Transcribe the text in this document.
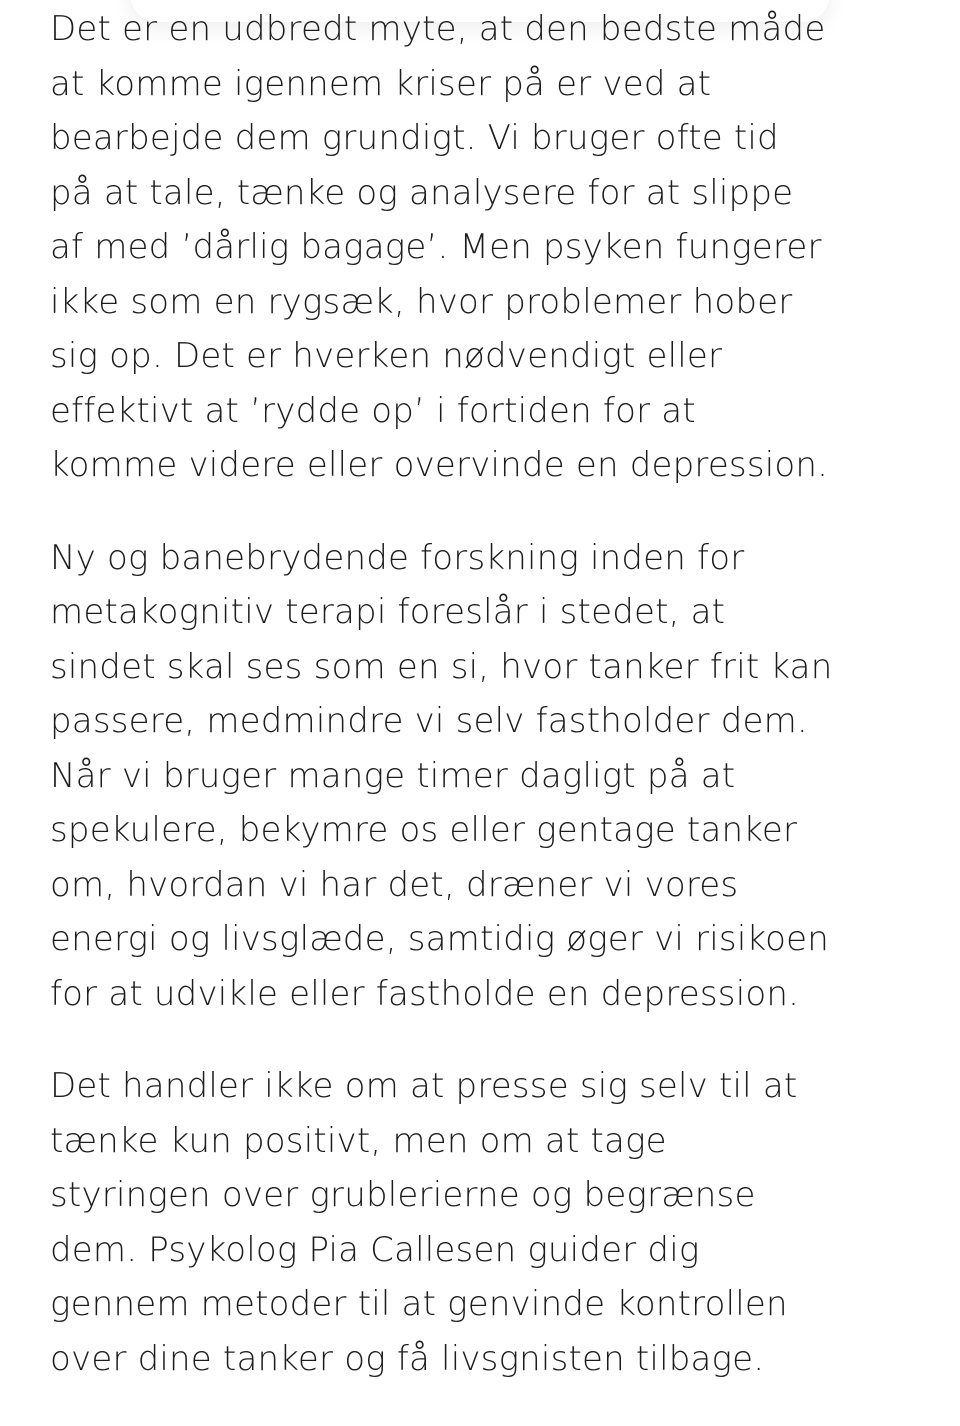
Det er en udbredt myte, at den bedste måde
at komme igennem kriser på er ved at
bearbejde dem grundigt. Vi bruger ofte tid
på at tale, tænke og analysere for at slippe
af med ’dårlig bagage’. Men psyken fungerer
ikke som en rygsæk, hvor problemer hober
sig op. Det er hverken nødvendigt eller
effektivt at ’rydde op’ i fortiden for at
komme videre eller overvinde en depression.

Ny og banebrydende forskning inden for
metakognitiv terapi foreslår i stedet, at
sindet skal ses som en si, hvor tanker frit kan
passere, medmindre vi selv fastholder dem.
Når vi bruger mange timer dagligt på at
spekulere, bekymre os eller gentage tanker
om, hvordan vi har det, dræner vi vores
energi og livsglæde, samtidig øger vi risikoen
for at udvikle eller fastholde en depression.

Det handler ikke om at presse sig selv til at
tænke kun positivt, men om at tage
styringen over grublerierne og begrænse
dem. Psykolog Pia Callesen guider dig
gennem metoder til at genvinde kontrollen
over dine tanker og få livsgnisten tilbage.
